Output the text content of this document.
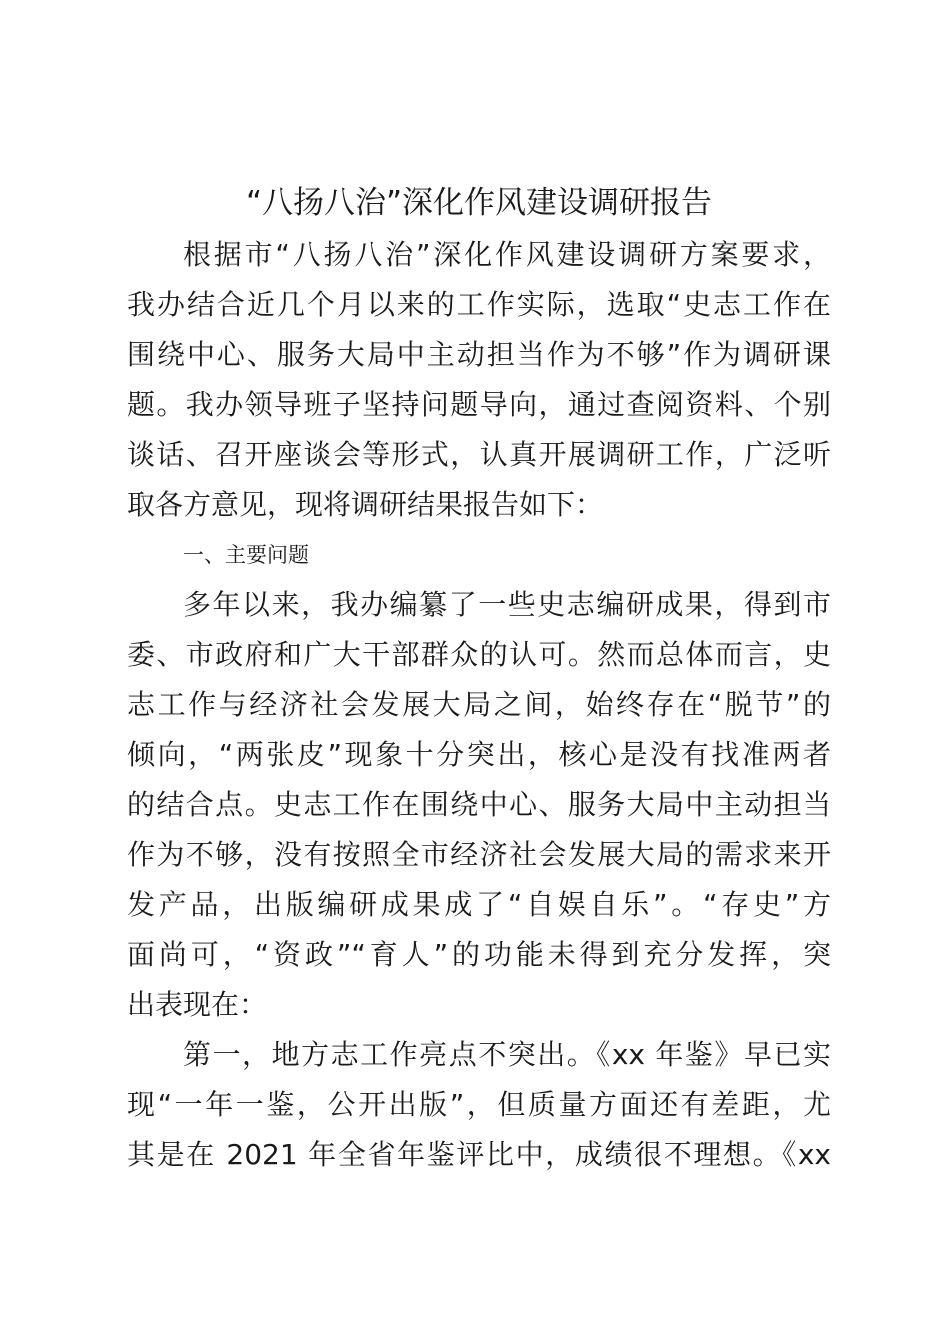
“八扬八治”深化作风建设调研报告
根据市“八扬八治”深化作风建设调研方案要求，
我办结合近几个月以来的工作实际，选取“史志工作在
围绕中心、服务大局中主动担当作为不够”作为调研课
题。我办领导班子坚持问题导向，通过查阅资料、个别
谈话、召开座谈会等形式，认真开展调研工作，广泛听
取各方意见，现将调研结果报告如下：
一、主要问题
多年以来，我办编纂了一些史志编研成果，得到市
委、市政府和广大干部群众的认可。然而总体而言，史
志工作与经济社会发展大局之间，始终存在“脱节”的
倾向，“两张皮”现象十分突出，核心是没有找准两者
的结合点。史志工作在围绕中心、服务大局中主动担当
作为不够，没有按照全市经济社会发展大局的需求来开
发产品，出版编研成果成了“自娱自乐”。“存史”方
面尚可，“资政”“育人”的功能未得到充分发挥，突
出表现在：
第一，地方志工作亮点不突出。《xx 年鉴》早已实
现“一年一鉴，公开出版”，但质量方面还有差距，尤
其是在 2021 年全省年鉴评比中，成绩很不理想。《xx
